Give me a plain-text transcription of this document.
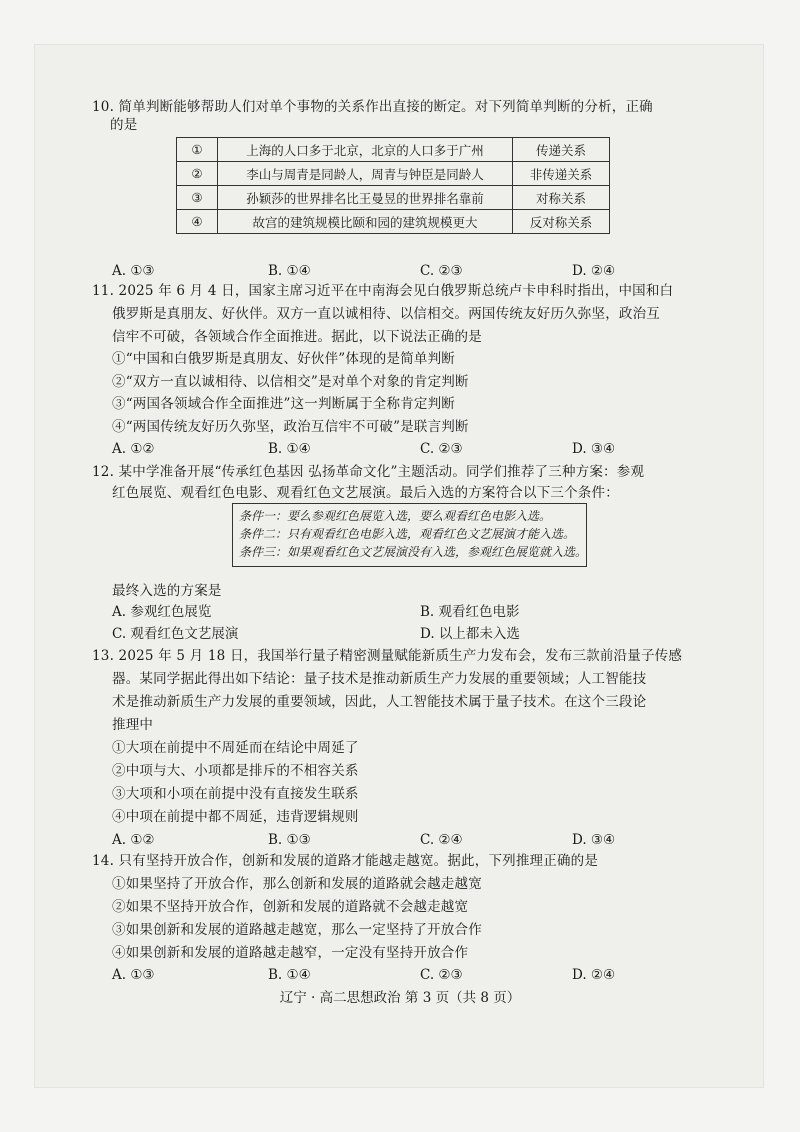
10. 简单判断能够帮助人们对单个事物的关系作出直接的断定。对下列简单判断的分析，正确
的是
①	上海的人口多于北京，北京的人口多于广州	传递关系
②	李山与周青是同龄人，周青与钟臣是同龄人	非传递关系
③	孙颖莎的世界排名比王曼昱的世界排名靠前	对称关系
④	故宫的建筑规模比颐和园的建筑规模更大	反对称关系
A. ①③	B. ①④	C. ②③	D. ②④
11. 2025 年 6 月 4 日，国家主席习近平在中南海会见白俄罗斯总统卢卡申科时指出，中国和白
俄罗斯是真朋友、好伙伴。双方一直以诚相待、以信相交。两国传统友好历久弥坚，政治互
信牢不可破，各领域合作全面推进。据此，以下说法正确的是
①“中国和白俄罗斯是真朋友、好伙伴”体现的是简单判断
②“双方一直以诚相待、以信相交”是对单个对象的肯定判断
③“两国各领域合作全面推进”这一判断属于全称肯定判断
④“两国传统友好历久弥坚，政治互信牢不可破”是联言判断
A. ①②	B. ①④	C. ②③	D. ③④
12. 某中学准备开展“传承红色基因 弘扬革命文化”主题活动。同学们推荐了三种方案：参观
红色展览、观看红色电影、观看红色文艺展演。最后入选的方案符合以下三个条件：
条件一：要么参观红色展览入选，要么观看红色电影入选。
条件二：只有观看红色电影入选，观看红色文艺展演才能入选。
条件三：如果观看红色文艺展演没有入选，参观红色展览就入选。
最终入选的方案是
A. 参观红色展览	B. 观看红色电影
C. 观看红色文艺展演	D. 以上都未入选
13. 2025 年 5 月 18 日，我国举行量子精密测量赋能新质生产力发布会，发布三款前沿量子传感
器。某同学据此得出如下结论：量子技术是推动新质生产力发展的重要领域；人工智能技
术是推动新质生产力发展的重要领域，因此，人工智能技术属于量子技术。在这个三段论
推理中
①大项在前提中不周延而在结论中周延了
②中项与大、小项都是排斥的不相容关系
③大项和小项在前提中没有直接发生联系
④中项在前提中都不周延，违背逻辑规则
A. ①②	B. ①③	C. ②④	D. ③④
14. 只有坚持开放合作，创新和发展的道路才能越走越宽。据此，下列推理正确的是
①如果坚持了开放合作，那么创新和发展的道路就会越走越宽
②如果不坚持开放合作，创新和发展的道路就不会越走越宽
③如果创新和发展的道路越走越宽，那么一定坚持了开放合作
④如果创新和发展的道路越走越窄，一定没有坚持开放合作
A. ①③	B. ①④	C. ②③	D. ②④
辽宁 · 高二思想政治 第 3 页（共 8 页）
